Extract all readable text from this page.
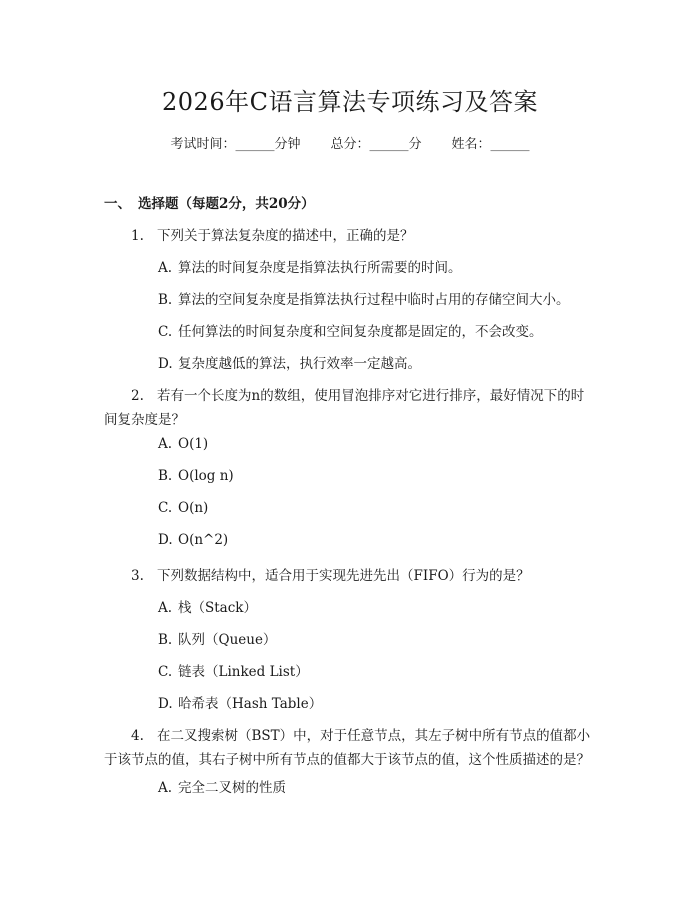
2026年C语言算法专项练习及答案
考试时间：______分钟 总分：______分 姓名：______
一、 选择题（每题2分，共20分）
1. 下列关于算法复杂度的描述中，正确的是？
A. 算法的时间复杂度是指算法执行所需要的时间。
B. 算法的空间复杂度是指算法执行过程中临时占用的存储空间大小。
C. 任何算法的时间复杂度和空间复杂度都是固定的，不会改变。
D. 复杂度越低的算法，执行效率一定越高。
2. 若有一个长度为n的数组，使用冒泡排序对它进行排序，最好情况下的时
间复杂度是？
A. O(1)
B. O(log n)
C. O(n)
D. O(n^2)
3. 下列数据结构中，适合用于实现先进先出（FIFO）行为的是？
A. 栈（Stack）
B. 队列（Queue）
C. 链表（Linked List）
D. 哈希表（Hash Table）
4. 在二叉搜索树（BST）中，对于任意节点，其左子树中所有节点的值都小
于该节点的值，其右子树中所有节点的值都大于该节点的值，这个性质描述的是？
A. 完全二叉树的性质
